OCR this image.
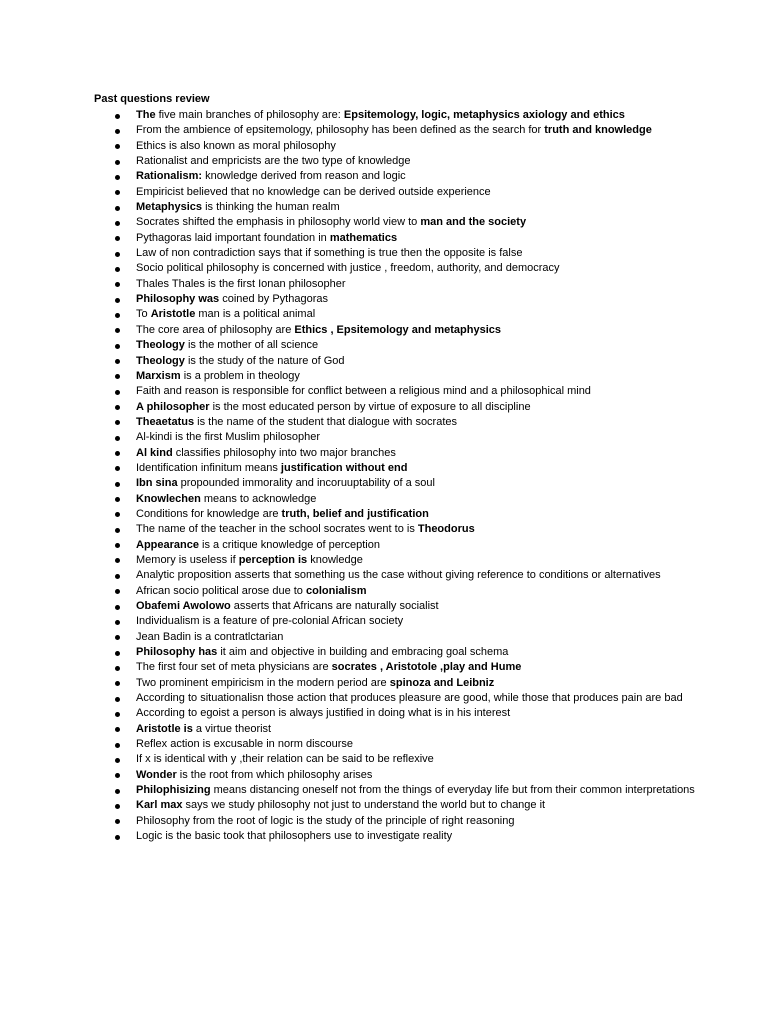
Past questions review
The five main branches of philosophy are: Epsitemology, logic, metaphysics axiology and ethics
From the ambience of epsitemology, philosophy has been defined as the search for truth and knowledge
Ethics is also known as moral philosophy
Rationalist and empricists are the two type of knowledge
Rationalism: knowledge derived from reason and logic
Empiricist believed that no knowledge can be derived outside experience
Metaphysics is thinking the human realm
Socrates shifted the emphasis in philosophy world view to man and the society
Pythagoras laid important foundation in mathematics
Law of non contradiction says that if something is true then the opposite is false
Socio political philosophy is concerned with justice , freedom, authority, and democracy
Thales Thales is the first Ionan philosopher
Philosophy was coined by Pythagoras
To Aristotle man is a political animal
The core area of philosophy are Ethics , Epsitemology and metaphysics
Theology is the mother of all science
Theology is the study of the nature of God
Marxism is a problem in theology
Faith and reason is responsible for conflict between a religious mind and a philosophical mind
A philosopher is the most educated person by virtue of exposure to all discipline
Theaetatus is the name of the student that dialogue with socrates
Al-kindi is the first Muslim philosopher
Al kind classifies philosophy into two major branches
Identification infinitum means justification without end
Ibn sina propounded immorality and incoruuptability of a soul
Knowlechen means to acknowledge
Conditions for knowledge are truth, belief and justification
The name of the teacher in the school socrates went to is Theodorus
Appearance is a critique knowledge of perception
Memory is useless if perception is knowledge
Analytic proposition asserts that something us the case without giving reference to conditions or alternatives
African socio political arose due to colonialism
Obafemi Awolowo asserts that Africans are naturally socialist
Individualism is a feature of pre-colonial African society
Jean Badin is a contratlctarian
Philosophy has it aim and objective in building and embracing goal schema
The first four set of meta physicians are socrates , Aristotole ,play and Hume
Two prominent empiricism in the modern period are spinoza and Leibniz
According to situationalisn those action that produces pleasure are good, while those that produces pain are bad
According to egoist a person is always justified in doing what is in his interest
Aristotle is a virtue theorist
Reflex action is excusable in norm discourse
If x is identical with y ,their relation can be said to be reflexive
Wonder is the root from which philosophy arises
Philophisizing means distancing oneself not from the things of everyday life but from their common interpretations
Karl max says we study philosophy not just to understand the world but to change it
Philosophy from the root of logic is the study of the principle of right reasoning
Logic is the basic took that philosophers use to investigate reality
